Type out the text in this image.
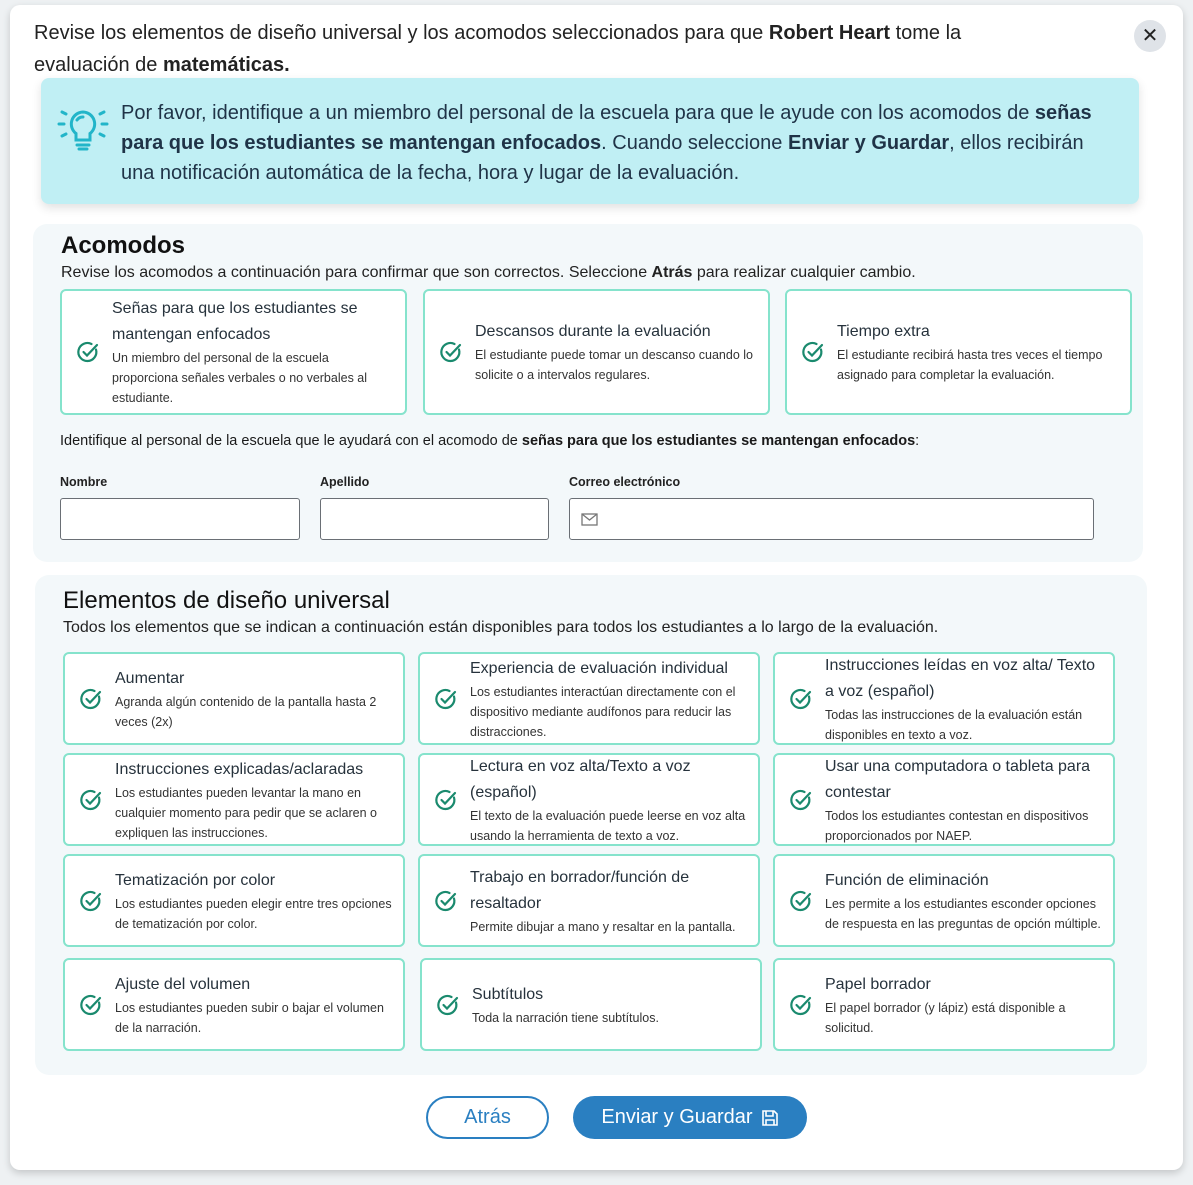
Revise los elementos de diseño universal y los acomodos seleccionados para que Robert Heart tome la evaluación de matemáticas.
✕

Por favor, identifique a un miembro del personal de la escuela para que le ayude con los acomodos de señas para que los estudiantes se mantengan enfocados. Cuando seleccione Enviar y Guardar, ellos recibirán una notificación automática de la fecha, hora y lugar de la evaluación.

Acomodos
Revise los acomodos a continuación para confirmar que son correctos. Seleccione Atrás para realizar cualquier cambio.
Señas para que los estudiantes se mantengan enfocados
Un miembro del personal de la escuela proporciona señales verbales o no verbales al estudiante.
Descansos durante la evaluación
El estudiante puede tomar un descanso cuando lo solicite o a intervalos regulares.
Tiempo extra
El estudiante recibirá hasta tres veces el tiempo asignado para completar la evaluación.
Identifique al personal de la escuela que le ayudará con el acomodo de señas para que los estudiantes se mantengan enfocados:
Nombre	Apellido	Correo electrónico
Elementos de diseño universal
Todos los elementos que se indican a continuación están disponibles para todos los estudiantes a lo largo de la evaluación.
Aumentar
Agranda algún contenido de la pantalla hasta 2 veces (2x)
Experiencia de evaluación individual
Los estudiantes interactúan directamente con el dispositivo mediante audífonos para reducir las distracciones.
Instrucciones leídas en voz alta/ Texto a voz (español)
Todas las instrucciones de la evaluación están disponibles en texto a voz.
Instrucciones explicadas/aclaradas
Los estudiantes pueden levantar la mano en cualquier momento para pedir que se aclaren o expliquen las instrucciones.
Lectura en voz alta/Texto a voz (español)
El texto de la evaluación puede leerse en voz alta usando la herramienta de texto a voz.
Usar una computadora o tableta para contestar
Todos los estudiantes contestan en dispositivos proporcionados por NAEP.
Tematización por color
Los estudiantes pueden elegir entre tres opciones de tematización por color.
Trabajo en borrador/función de resaltador
Permite dibujar a mano y resaltar en la pantalla.
Función de eliminación
Les permite a los estudiantes esconder opciones de respuesta en las preguntas de opción múltiple.
Ajuste del volumen
Los estudiantes pueden subir o bajar el volumen de la narración.
Subtítulos
Toda la narración tiene subtítulos.
Papel borrador
El papel borrador (y lápiz) está disponible a solicitud.
Atrás	Enviar y Guardar
